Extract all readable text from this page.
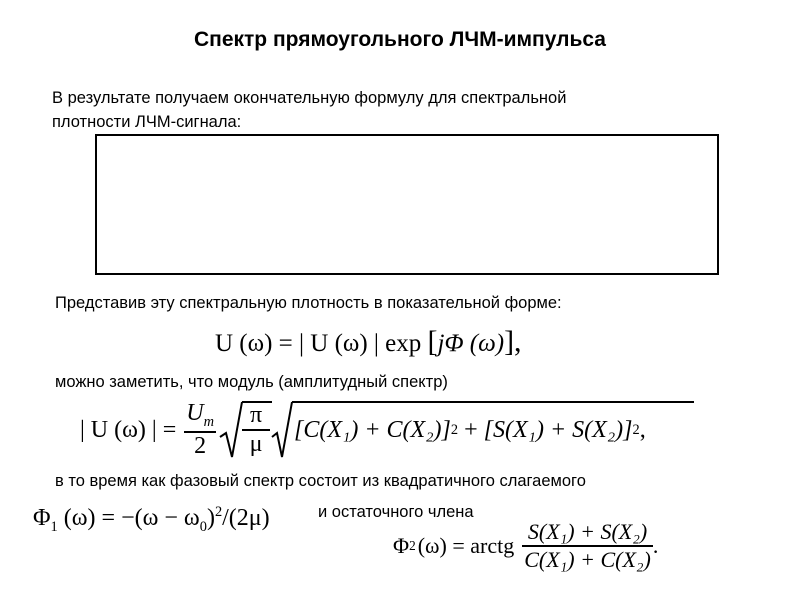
Спектр прямоугольного ЛЧМ-импульса
В результате получаем окончательную формулу для спектральной
плотности ЛЧМ-сигнала:
Представив эту спектральную плотность в показательной форме:
U (ω) = | U (ω) | exp [jΦ (ω)],
можно заметить, что модуль (амплитудный спектр)
| U (ω) | = $\frac{U_m}{2} \frac{\pi}{\mu} [C(X_1) + C(X_2)] 2 + [S(X_1) + S(X_2)]$ 2 ,
в то время как фазовый спектр состоит из квадратичного слагаемого
$\Phi_1$ $(\omega) = -(\omega - \omega_0)^2/(2\mu)$	и остаточного члена
Φ 2 (ω) = arctg $\frac{\text{S(X₁) + S(X₂)}}{\text{C(X₁) + C(X₂)}}$ .
